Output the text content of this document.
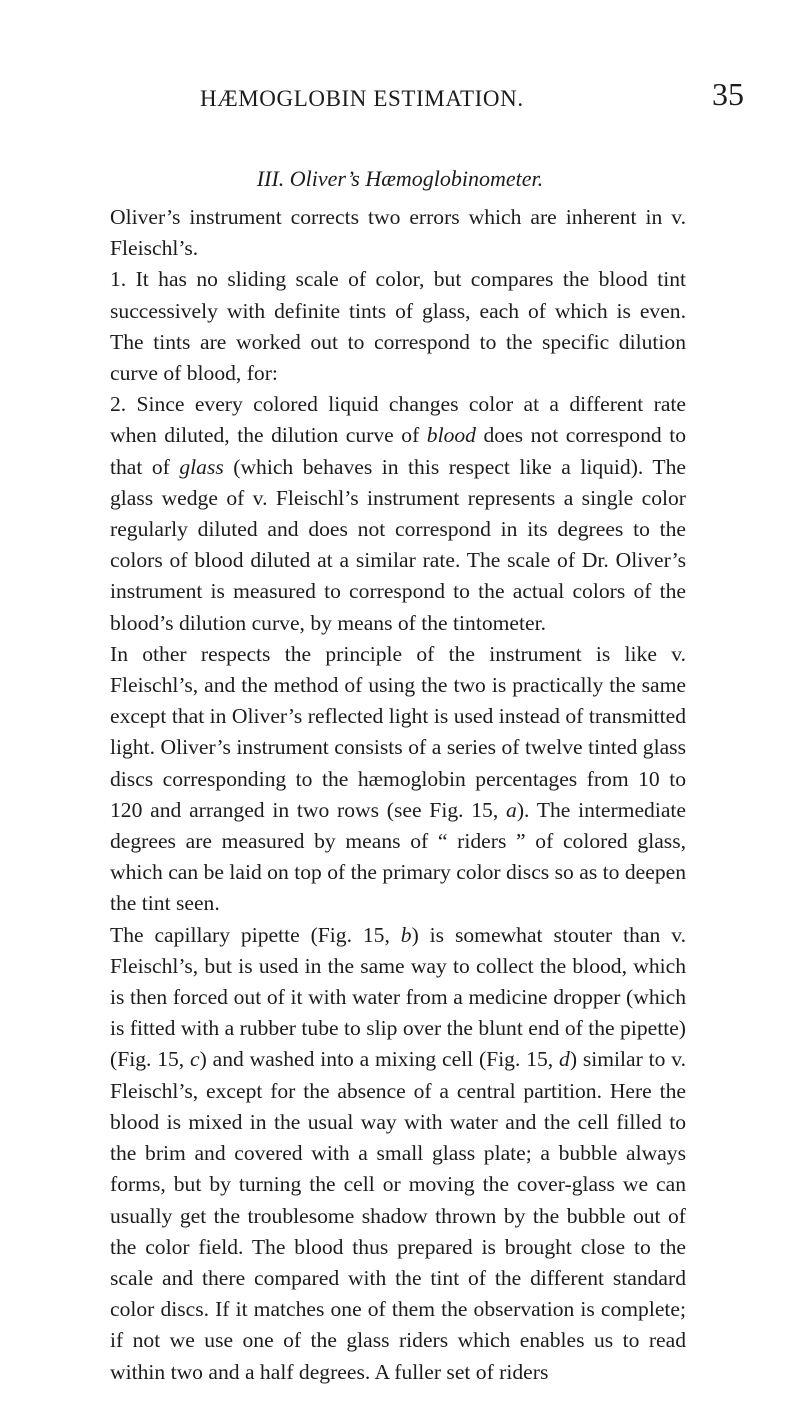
HÆMOGLOBIN ESTIMATION.	35
III. Oliver’s Hæmoglobinometer.

Oliver’s instrument corrects two errors which are inherent in v. Fleischl’s.

1. It has no sliding scale of color, but compares the blood tint successively with definite tints of glass, each of which is even. The tints are worked out to correspond to the specific dilution curve of blood, for:

2. Since every colored liquid changes color at a different rate when diluted, the dilution curve of blood does not correspond to that of glass (which behaves in this respect like a liquid). The glass wedge of v. Fleischl’s instrument represents a single color regularly diluted and does not correspond in its degrees to the colors of blood diluted at a similar rate. The scale of Dr. Oliver’s instrument is measured to correspond to the actual colors of the blood’s dilution curve, by means of the tintometer.

In other respects the principle of the instrument is like v. Fleischl’s, and the method of using the two is practically the same except that in Oliver’s reflected light is used instead of transmitted light. Oliver’s instrument consists of a series of twelve tinted glass discs corresponding to the hæmoglobin percentages from 10 to 120 and arranged in two rows (see Fig. 15, a). The intermediate degrees are measured by means of “ riders ” of colored glass, which can be laid on top of the primary color discs so as to deepen the tint seen.

The capillary pipette (Fig. 15, b) is somewhat stouter than v. Fleischl’s, but is used in the same way to collect the blood, which is then forced out of it with water from a medicine dropper (which is fitted with a rubber tube to slip over the blunt end of the pipette) (Fig. 15, c) and washed into a mixing cell (Fig. 15, d) similar to v. Fleischl’s, except for the absence of a central partition. Here the blood is mixed in the usual way with water and the cell filled to the brim and covered with a small glass plate; a bubble always forms, but by turning the cell or moving the cover-glass we can usually get the troublesome shadow thrown by the bubble out of the color field. The blood thus prepared is brought close to the scale and there compared with the tint of the different standard color discs. If it matches one of them the observation is complete; if not we use one of the glass riders which enables us to read within two and a half degrees. A fuller set of riders
